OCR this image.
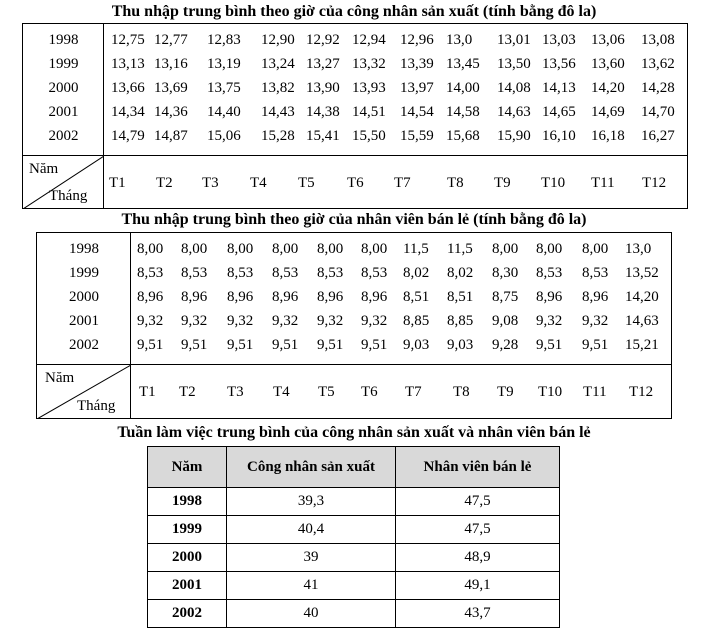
Thu nhập trung bình theo giờ của công nhân sản xuất (tính bằng đô la)
1998	12,75 12,77 12,83 12,90 12,92 12,94 12,96 13,0 13,01 13,03 13,06 13,08
1999	13,13 13,16 13,19 13,24 13,27 13,32 13,39 13,45 13,50 13,56 13,60 13,62
2000	13,66 13,69 13,75 13,82 13,90 13,93 13,97 14,00 14,08 14,13 14,20 14,28
2001	14,34 14,36 14,40 14,43 14,38 14,51 14,54 14,58 14,63 14,65 14,69 14,70
2002	14,79 14,87 15,06 15,28 15,41 15,50 15,59 15,68 15,90 16,10 16,18 16,27
Năm
Tháng
T1 T2 T3 T4 T5 T6 T7 T8 T9 T10 T11 T12
Thu nhập trung bình theo giờ của nhân viên bán lẻ (tính bằng đô la)
1998	8,00 8,00 8,00 8,00 8,00 8,00 11,5 11,5 8,00 8,00 8,00 13,0
1999	8,53 8,53 8,53 8,53 8,53 8,53 8,02 8,02 8,30 8,53 8,53 13,52
2000	8,96 8,96 8,96 8,96 8,96 8,96 8,51 8,51 8,75 8,96 8,96 14,20
2001	9,32 9,32 9,32 9,32 9,32 9,32 8,85 8,85 9,08 9,32 9,32 14,63
2002	9,51 9,51 9,51 9,51 9,51 9,51 9,03 9,03 9,28 9,51 9,51 15,21
Năm
Tháng
T1 T2 T3 T4 T5 T6 T7 T8 T9 T10 T11 T12
Tuần làm việc trung bình của công nhân sản xuất và nhân viên bán lẻ
Năm	Công nhân sản xuất	Nhân viên bán lẻ
1998	39,3	47,5
1999	40,4	47,5
2000	39	48,9
2001	41	49,1
2002	40	43,7
